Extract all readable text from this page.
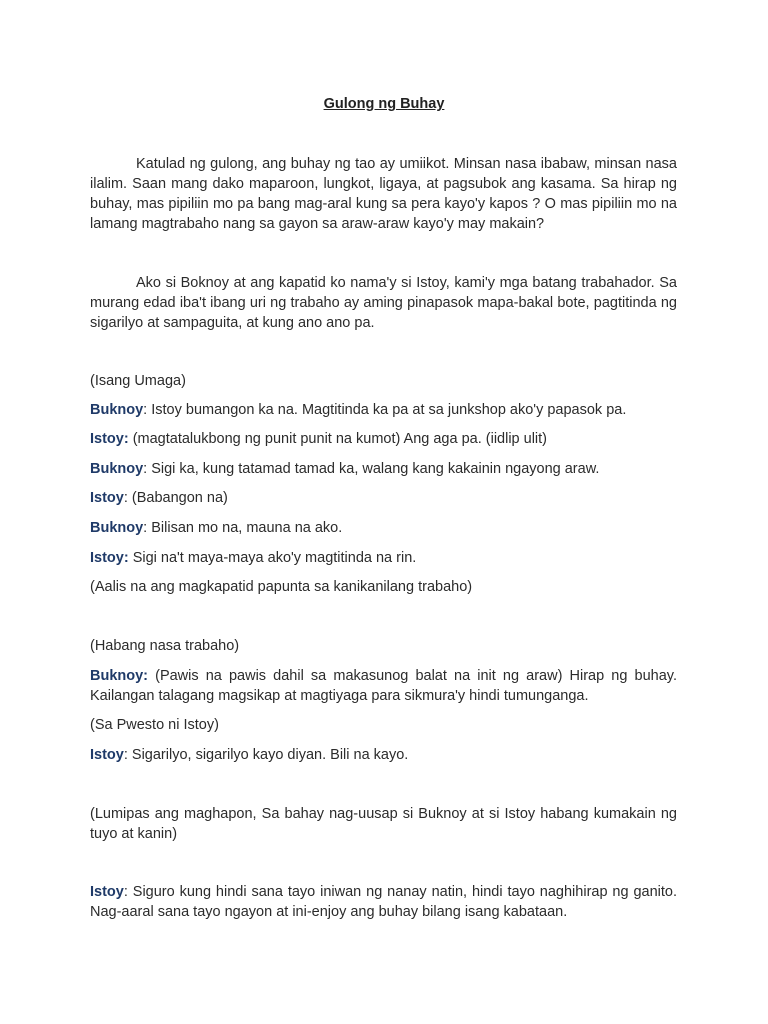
Gulong ng Buhay
Katulad ng gulong, ang buhay ng tao ay umiikot. Minsan nasa ibabaw, minsan nasa ilalim. Saan mang dako maparoon, lungkot, ligaya, at pagsubok ang kasama. Sa hirap ng buhay, mas pipiliin mo pa bang mag-aral kung sa pera kayo'y kapos ? O mas pipiliin mo na lamang magtrabaho nang sa gayon sa araw-araw kayo'y may makain?
Ako si Boknoy at ang kapatid ko nama'y si Istoy, kami'y mga batang trabahador. Sa murang edad iba't ibang uri ng trabaho ay aming pinapasok mapa-bakal bote, pagtitinda ng sigarilyo at sampaguita, at kung ano ano pa.
(Isang Umaga)
Buknoy: Istoy bumangon ka na. Magtitinda ka pa at sa junkshop ako'y papasok pa.
Istoy: (magtatalukbong ng punit punit na kumot) Ang aga pa. (iidlip ulit)
Buknoy: Sigi ka, kung tatamad tamad ka, walang kang kakainin ngayong araw.
Istoy: (Babangon na)
Buknoy: Bilisan mo na, mauna na ako.
Istoy: Sigi na't maya-maya ako'y magtitinda na rin.
(Aalis na ang magkapatid papunta sa kanikanilang trabaho)
(Habang nasa trabaho)
Buknoy: (Pawis na pawis dahil sa makasunog balat na init ng araw) Hirap ng buhay. Kailangan talagang magsikap at magtiyaga para sikmura'y hindi tumunganga.
(Sa Pwesto ni Istoy)
Istoy: Sigarilyo, sigarilyo kayo diyan. Bili na kayo.
(Lumipas ang maghapon, Sa bahay nag-uusap si Buknoy at si Istoy habang kumakain ng tuyo at kanin)
Istoy: Siguro kung hindi sana tayo iniwan ng nanay natin, hindi tayo naghihirap ng ganito. Nag-aaral sana tayo ngayon at ini-enjoy ang buhay bilang isang kabataan.
